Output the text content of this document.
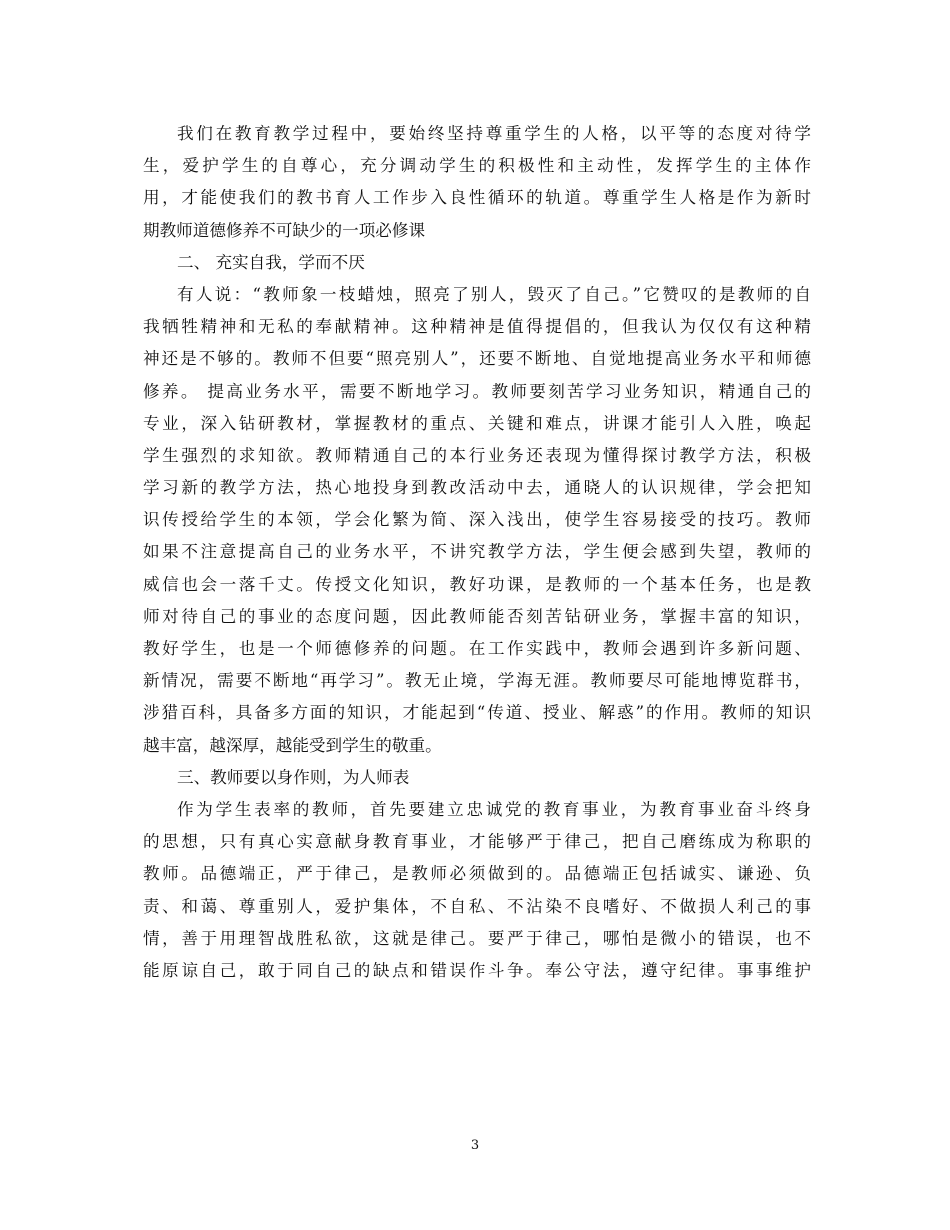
我们在教育教学过程中，要始终坚持尊重学生的人格，以平等的态度对待学
生，爱护学生的自尊心，充分调动学生的积极性和主动性，发挥学生的主体作
用，才能使我们的教书育人工作步入良性循环的轨道。尊重学生人格是作为新时
期教师道德修养不可缺少的一项必修课
二、 充实自我，学而不厌
有人说：“教师象一枝蜡烛，照亮了别人，毁灭了自己。”它赞叹的是教师的自
我牺牲精神和无私的奉献精神。这种精神是值得提倡的，但我认为仅仅有这种精
神还是不够的。教师不但要“照亮别人”，还要不断地、自觉地提高业务水平和师德
修养。 提高业务水平，需要不断地学习。教师要刻苦学习业务知识，精通自己的
专业，深入钻研教材，掌握教材的重点、关键和难点，讲课才能引人入胜，唤起
学生强烈的求知欲。教师精通自己的本行业务还表现为懂得探讨教学方法，积极
学习新的教学方法，热心地投身到教改活动中去，通晓人的认识规律，学会把知
识传授给学生的本领，学会化繁为简、深入浅出，使学生容易接受的技巧。教师
如果不注意提高自己的业务水平，不讲究教学方法，学生便会感到失望，教师的
威信也会一落千丈。传授文化知识，教好功课，是教师的一个基本任务，也是教
师对待自己的事业的态度问题，因此教师能否刻苦钻研业务，掌握丰富的知识，
教好学生，也是一个师德修养的问题。在工作实践中，教师会遇到许多新问题、
新情况，需要不断地“再学习”。教无止境，学海无涯。教师要尽可能地博览群书，
涉猎百科，具备多方面的知识，才能起到“传道、授业、解惑”的作用。教师的知识
越丰富，越深厚，越能受到学生的敬重。
三、教师要以身作则，为人师表
作为学生表率的教师，首先要建立忠诚党的教育事业，为教育事业奋斗终身
的思想，只有真心实意献身教育事业，才能够严于律己，把自己磨练成为称职的
教师。品德端正，严于律己，是教师必须做到的。品德端正包括诚实、谦逊、负
责、和蔼、尊重别人，爱护集体，不自私、不沾染不良嗜好、不做损人利己的事
情，善于用理智战胜私欲，这就是律己。要严于律己，哪怕是微小的错误，也不
能原谅自己，敢于同自己的缺点和错误作斗争。奉公守法，遵守纪律。事事维护
3
